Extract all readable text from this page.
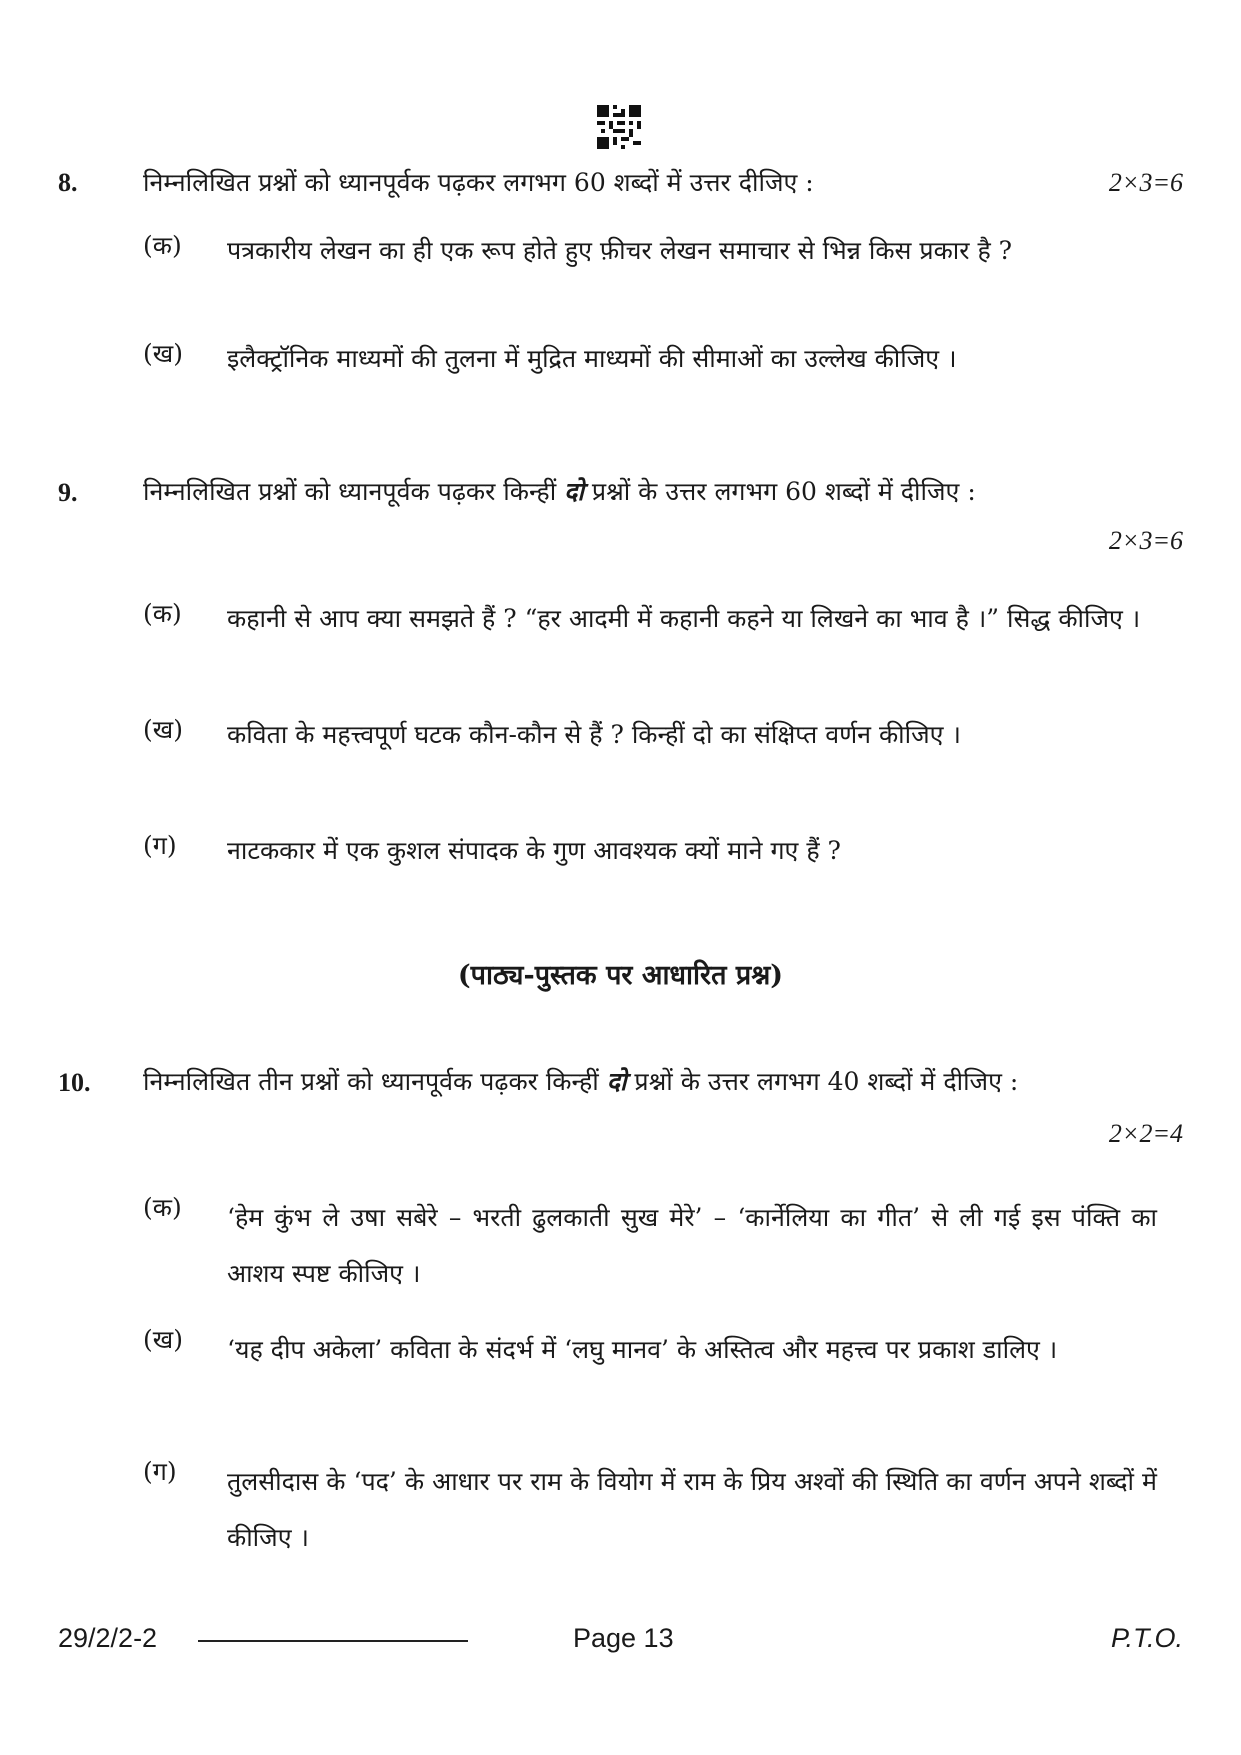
8.	निम्नलिखित प्रश्नों को ध्यानपूर्वक पढ़कर लगभग 60 शब्दों में उत्तर दीजिए :	2×3=6
(क) पत्रकारीय लेखन का ही एक रूप होते हुए फ़ीचर लेखन समाचार से भिन्न किस प्रकार है ?
(ख) इलैक्ट्रॉनिक माध्यमों की तुलना में मुद्रित माध्यमों की सीमाओं का उल्लेख कीजिए ।
9.	निम्नलिखित प्रश्नों को ध्यानपूर्वक पढ़कर किन्हीं दो प्रश्नों के उत्तर लगभग 60 शब्दों में दीजिए :
2×3=6
(क) कहानी से आप क्या समझते हैं ? “हर आदमी में कहानी कहने या लिखने का भाव है ।” सिद्ध कीजिए ।
(ख) कविता के महत्त्वपूर्ण घटक कौन-कौन से हैं ? किन्हीं दो का संक्षिप्त वर्णन कीजिए ।
(ग) नाटककार में एक कुशल संपादक के गुण आवश्यक क्यों माने गए हैं ?
(पाठ्य-पुस्तक पर आधारित प्रश्न)
10. निम्नलिखित तीन प्रश्नों को ध्यानपूर्वक पढ़कर किन्हीं दो प्रश्नों के उत्तर लगभग 40 शब्दों में दीजिए :
2×2=4
(क) ‘हेम कुंभ ले उषा सबेरे – भरती ढुलकाती सुख मेरे’ – ‘कार्नेलिया का गीत’ से ली गई इस पंक्ति का आशय स्पष्ट कीजिए ।
(ख) ‘यह दीप अकेला’ कविता के संदर्भ में ‘लघु मानव’ के अस्तित्व और महत्त्व पर प्रकाश डालिए ।
(ग) तुलसीदास के ‘पद’ के आधार पर राम के वियोग में राम के प्रिय अश्वों की स्थिति का वर्णन अपने शब्दों में कीजिए ।
29/2/2-2	Page 13	P.T.O.
